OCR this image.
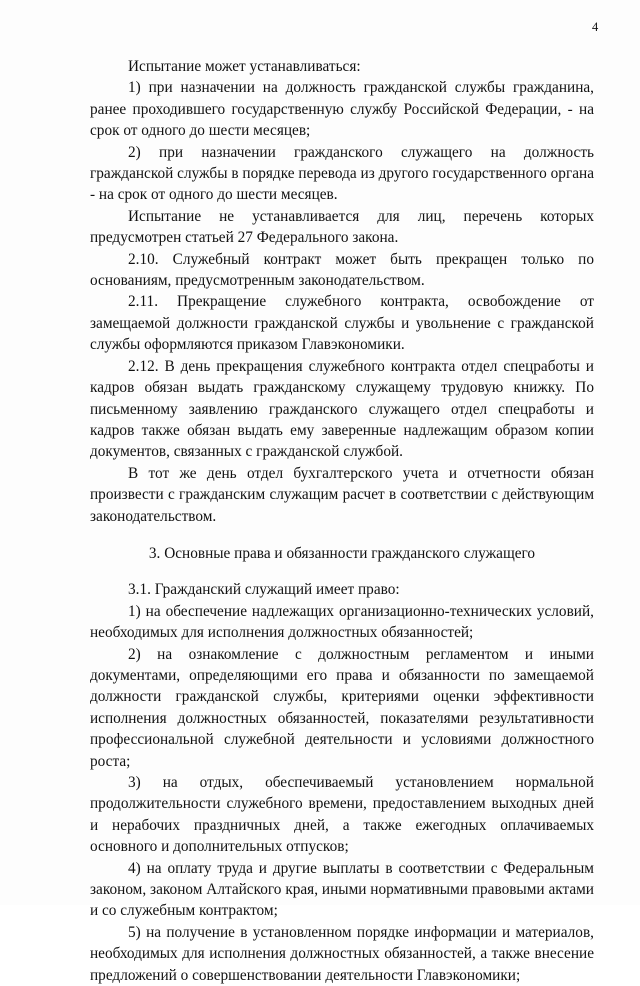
4

Испытание может устанавливаться:

1) при назначении на должность гражданской службы гражданина, ранее проходившего государственную службу Российской Федерации, - на срок от одного до шести месяцев;

2) при назначении гражданского служащего на должность гражданской службы в порядке перевода из другого государственного органа - на срок от одного до шести месяцев.

Испытание не устанавливается для лиц, перечень которых предусмотрен статьей 27 Федерального закона.

2.10. Служебный контракт может быть прекращен только по основаниям, предусмотренным законодательством.

2.11. Прекращение служебного контракта, освобождение от замещаемой должности гражданской службы и увольнение с гражданской службы оформляются приказом Главэкономики.

2.12. В день прекращения служебного контракта отдел спецработы и кадров обязан выдать гражданскому служащему трудовую книжку. По письменному заявлению гражданского служащего отдел спецработы и кадров также обязан выдать ему заверенные надлежащим образом копии документов, связанных с гражданской службой.

В тот же день отдел бухгалтерского учета и отчетности обязан произвести с гражданским служащим расчет в соответствии с действующим законодательством.

3. Основные права и обязанности гражданского служащего

3.1. Гражданский служащий имеет право:

1) на обеспечение надлежащих организационно-технических условий, необходимых для исполнения должностных обязанностей;

2) на ознакомление с должностным регламентом и иными документами, определяющими его права и обязанности по замещаемой должности гражданской службы, критериями оценки эффективности исполнения должностных обязанностей, показателями результативности профессиональной служебной деятельности и условиями должностного роста;

3) на отдых, обеспечиваемый установлением нормальной продолжительности служебного времени, предоставлением выходных дней и нерабочих праздничных дней, а также ежегодных оплачиваемых основного и дополнительных отпусков;

4) на оплату труда и другие выплаты в соответствии с Федеральным законом, законом Алтайского края, иными нормативными правовыми актами и со служебным контрактом;

5) на получение в установленном порядке информации и материалов, необходимых для исполнения должностных обязанностей, а также внесение предложений о совершенствовании деятельности Главэкономики;
